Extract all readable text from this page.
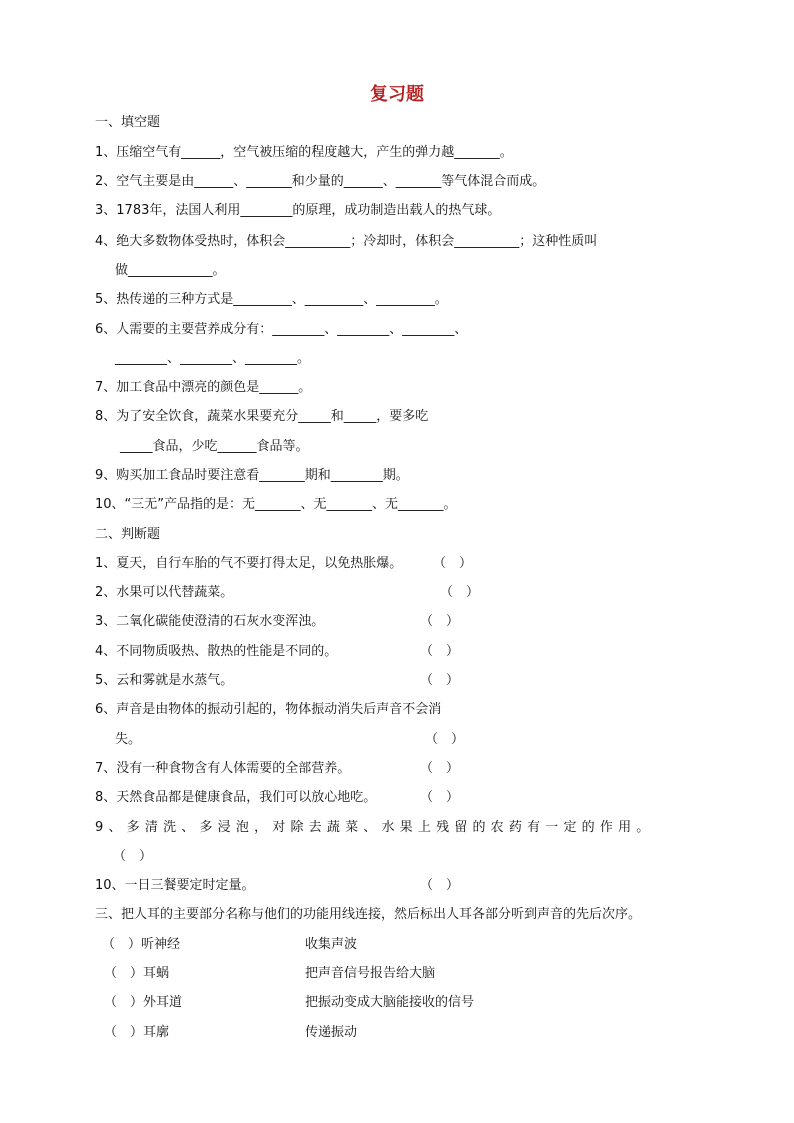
复习题
一、填空题
1、压缩空气有______，空气被压缩的程度越大，产生的弹力越_______。
2、空气主要是由______、_______和少量的______、_______等气体混合而成。
3、1783年，法国人利用________的原理，成功制造出载人的热气球。
4、绝大多数物体受热时，体积会__________；冷却时，体积会__________；这种性质叫
做_____________。
5、热传递的三种方式是_________、_________、_________。
6、人需要的主要营养成分有：________、________、________、
________、________、________。
7、加工食品中漂亮的颜色是______。
8、为了安全饮食，蔬菜水果要充分_____和_____，要多吃
_____食品，少吃______食品等。
9、购买加工食品时要注意看_______期和________期。
10、“三无”产品指的是：无_______、无_______、无_______。
二、判断题
1、夏天，自行车胎的气不要打得太足，以免热胀爆。 （　）
2、水果可以代替蔬菜。	（　）
3、二氧化碳能使澄清的石灰水变浑浊。	（　）
4、不同物质吸热、散热的性能是不同的。	（　）
5、云和雾就是水蒸气。	（　）
6、声音是由物体的振动引起的，物体振动消失后声音不会消
失。	（　）
7、没有一种食物含有人体需要的全部营养。	（　）
8、天然食品都是健康食品，我们可以放心地吃。	（　）
9、多清洗、多浸泡，对除去蔬菜、水果上残留的农药有一定的作用。
（　）
10、一日三餐要定时定量。	（　）
三、把人耳的主要部分名称与他们的功能用线连接，然后标出人耳各部分听到声音的先后次序。
（　）听神经	收集声波
（　）耳蜗	把声音信号报告给大脑
（　）外耳道	把振动变成大脑能接收的信号
（　）耳廓	传递振动
